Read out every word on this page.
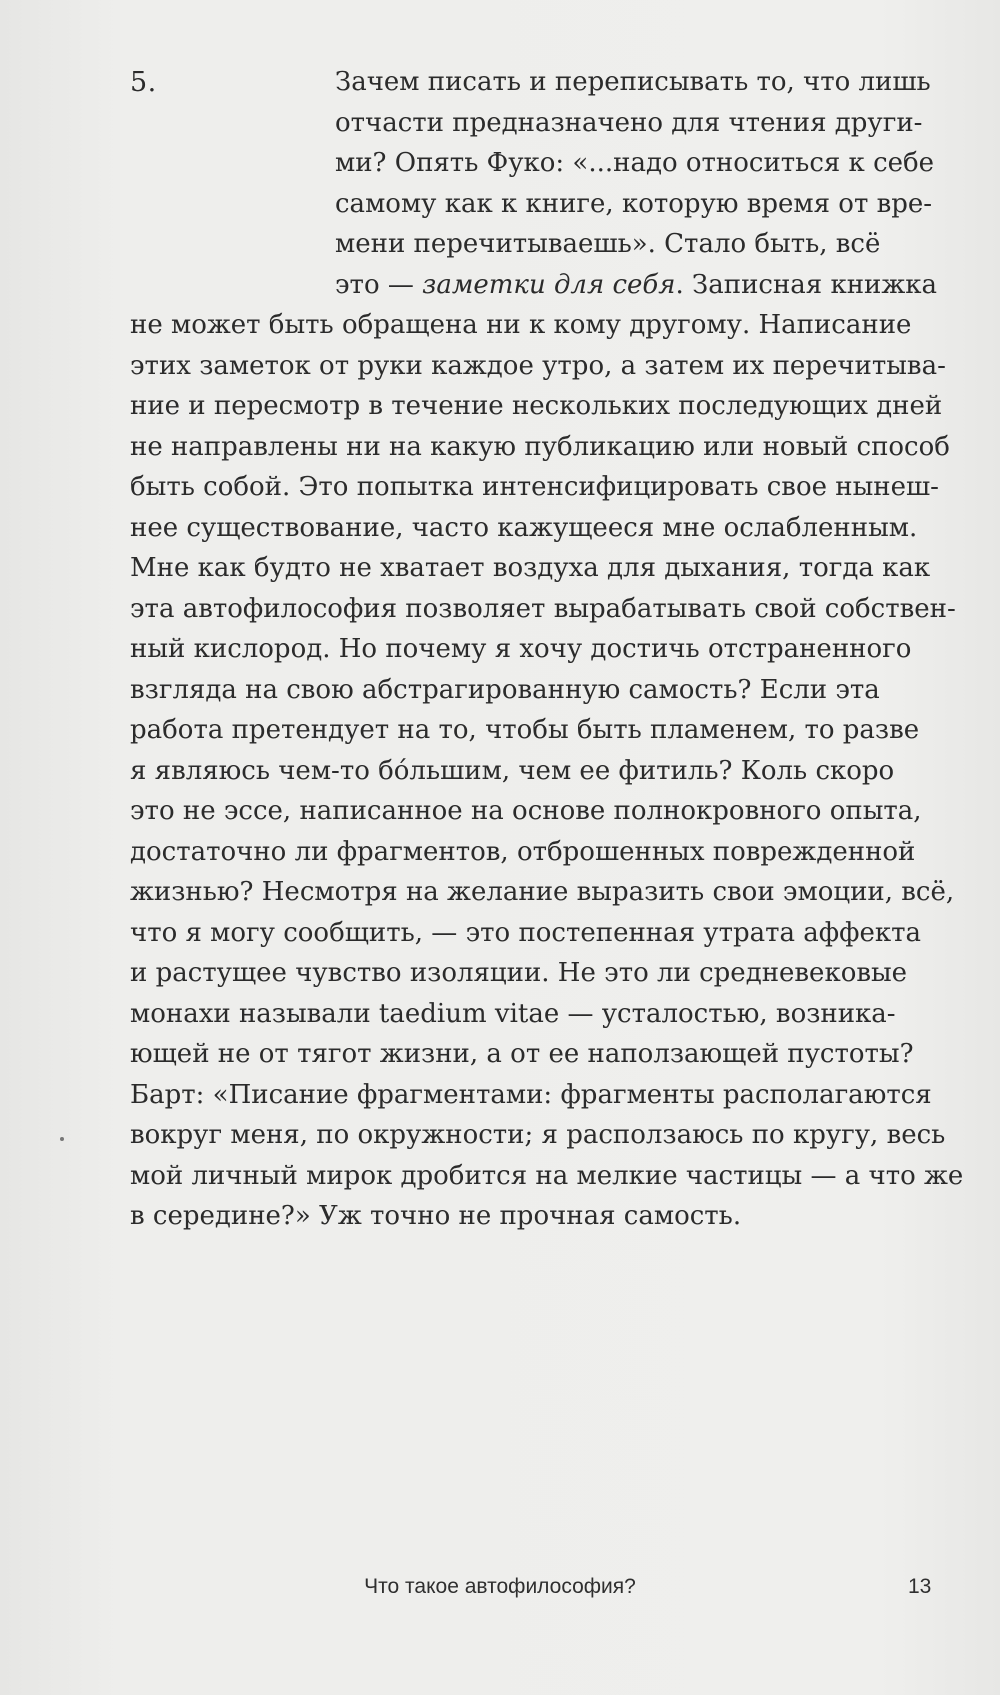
5.	Зачем писать и переписывать то, что лишь
отчасти предназначено для чтения други-
ми? Опять Фуко: «...надо относиться к себе
самому как к книге, которую время от вре-
мени перечитываешь». Стало быть, всё
это — заметки для себя. Записная книжка
не может быть обращена ни к кому другому. Написание
этих заметок от руки каждое утро, а затем их перечитыва-
ние и пересмотр в течение нескольких последующих дней
не направлены ни на какую публикацию или новый способ
быть собой. Это попытка интенсифицировать свое нынеш-
нее существование, часто кажущееся мне ослабленным.
Мне как будто не хватает воздуха для дыхания, тогда как
эта автофилософия позволяет вырабатывать свой собствен-
ный кислород. Но почему я хочу достичь отстраненного
взгляда на свою абстрагированную самость? Если эта
работа претендует на то, чтобы быть пламенем, то разве
я являюсь чем-то бóльшим, чем ее фитиль? Коль скоро
это не эссе, написанное на основе полнокровного опыта,
достаточно ли фрагментов, отброшенных поврежденной
жизнью? Несмотря на желание выразить свои эмоции, всё,
что я могу сообщить, — это постепенная утрата аффекта
и растущее чувство изоляции. Не это ли средневековые
монахи называли taedium vitae — усталостью, возника-
ющей не от тягот жизни, а от ее наползающей пустоты?
Барт: «Писание фрагментами: фрагменты располагаются
вокруг меня, по окружности; я расползаюсь по кругу, весь
мой личный мирок дробится на мелкие частицы — а что же
в середине?» Уж точно не прочная самость.
Что такое автофилософия?	13
